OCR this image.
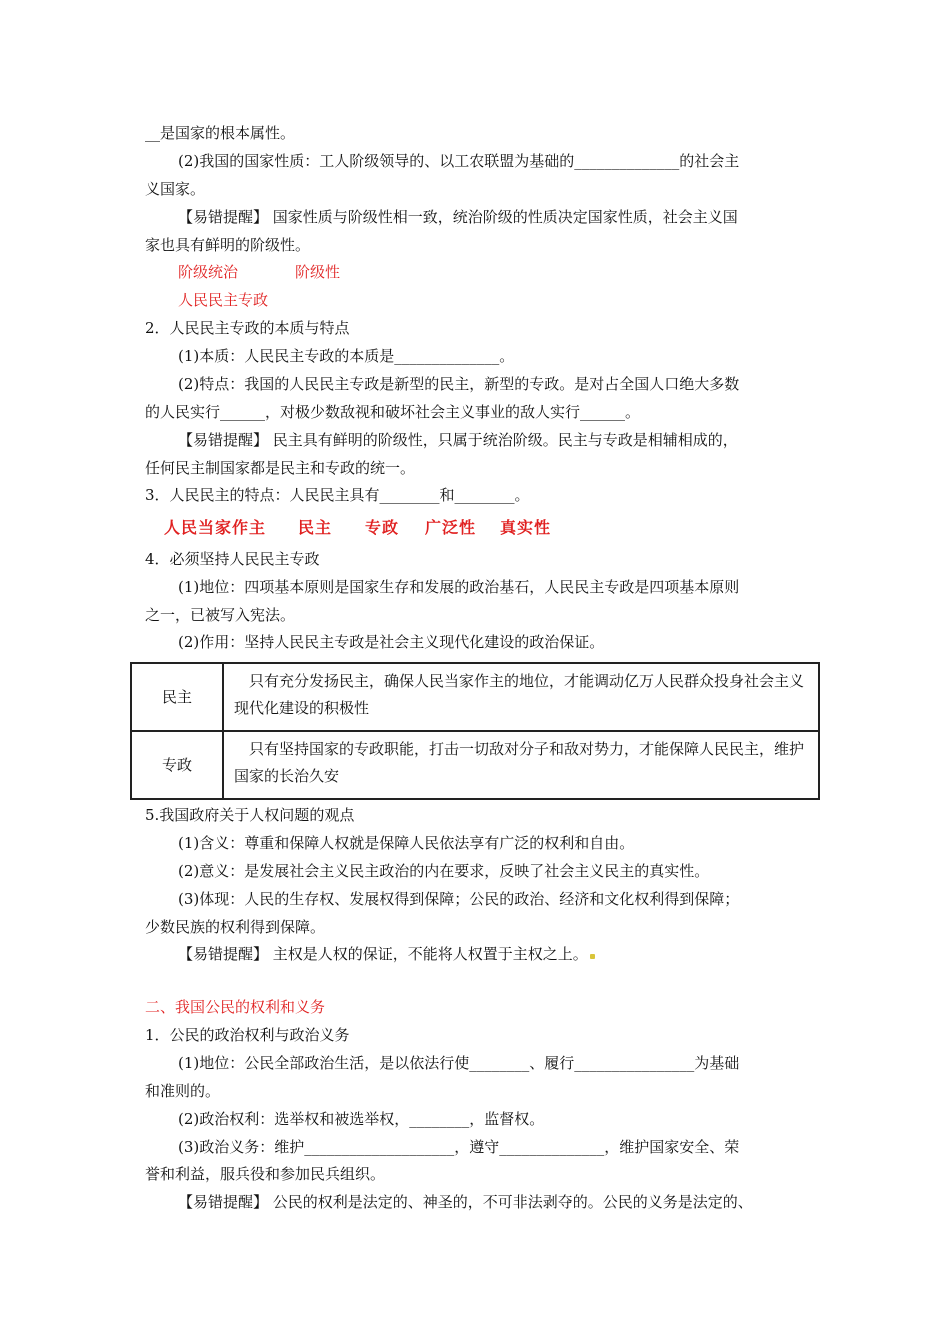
__是国家的根本属性。
(2)我国的国家性质：工人阶级领导的、以工农联盟为基础的______________的社会主
义国家。
【易错提醒】 国家性质与阶级性相一致，统治阶级的性质决定国家性质，社会主义国
家也具有鲜明的阶级性。
阶级统治	阶级性
人民民主专政
2．人民民主专政的本质与特点
(1)本质：人民民主专政的本质是______________。
(2)特点：我国的人民民主专政是新型的民主，新型的专政。是对占全国人口绝大多数
的人民实行______，对极少数敌视和破坏社会主义事业的敌人实行______。
【易错提醒】 民主具有鲜明的阶级性，只属于统治阶级。民主与专政是相辅相成的，
任何民主制国家都是民主和专政的统一。
3．人民民主的特点：人民民主具有________和________。
人民当家作主 民主 专政 广泛性 真实性
4．必须坚持人民民主专政
(1)地位：四项基本原则是国家生存和发展的政治基石，人民民主专政是四项基本原则
之一，已被写入宪法。
(2)作用：坚持人民民主专政是社会主义现代化建设的政治保证。
民主	只有充分发扬民主，确保人民当家作主的地位，才能调动亿万人民群众投身社会主义现代化建设的积极性
专政	只有坚持国家的专政职能，打击一切敌对分子和敌对势力，才能保障人民民主，维护国家的长治久安
5.我国政府关于人权问题的观点
(1)含义：尊重和保障人权就是保障人民依法享有广泛的权利和自由。
(2)意义：是发展社会主义民主政治的内在要求，反映了社会主义民主的真实性。
(3)体现：人民的生存权、发展权得到保障；公民的政治、经济和文化权利得到保障；
少数民族的权利得到保障。
【易错提醒】 主权是人权的保证，不能将人权置于主权之上。
二、我国公民的权利和义务
1．公民的政治权利与政治义务
(1)地位：公民全部政治生活，是以依法行使________、履行________________为基础
和准则的。
(2)政治权利：选举权和被选举权，________，监督权。
(3)政治义务：维护____________________，遵守______________，维护国家安全、荣
誉和利益，服兵役和参加民兵组织。
【易错提醒】 公民的权利是法定的、神圣的，不可非法剥夺的。公民的义务是法定的、
